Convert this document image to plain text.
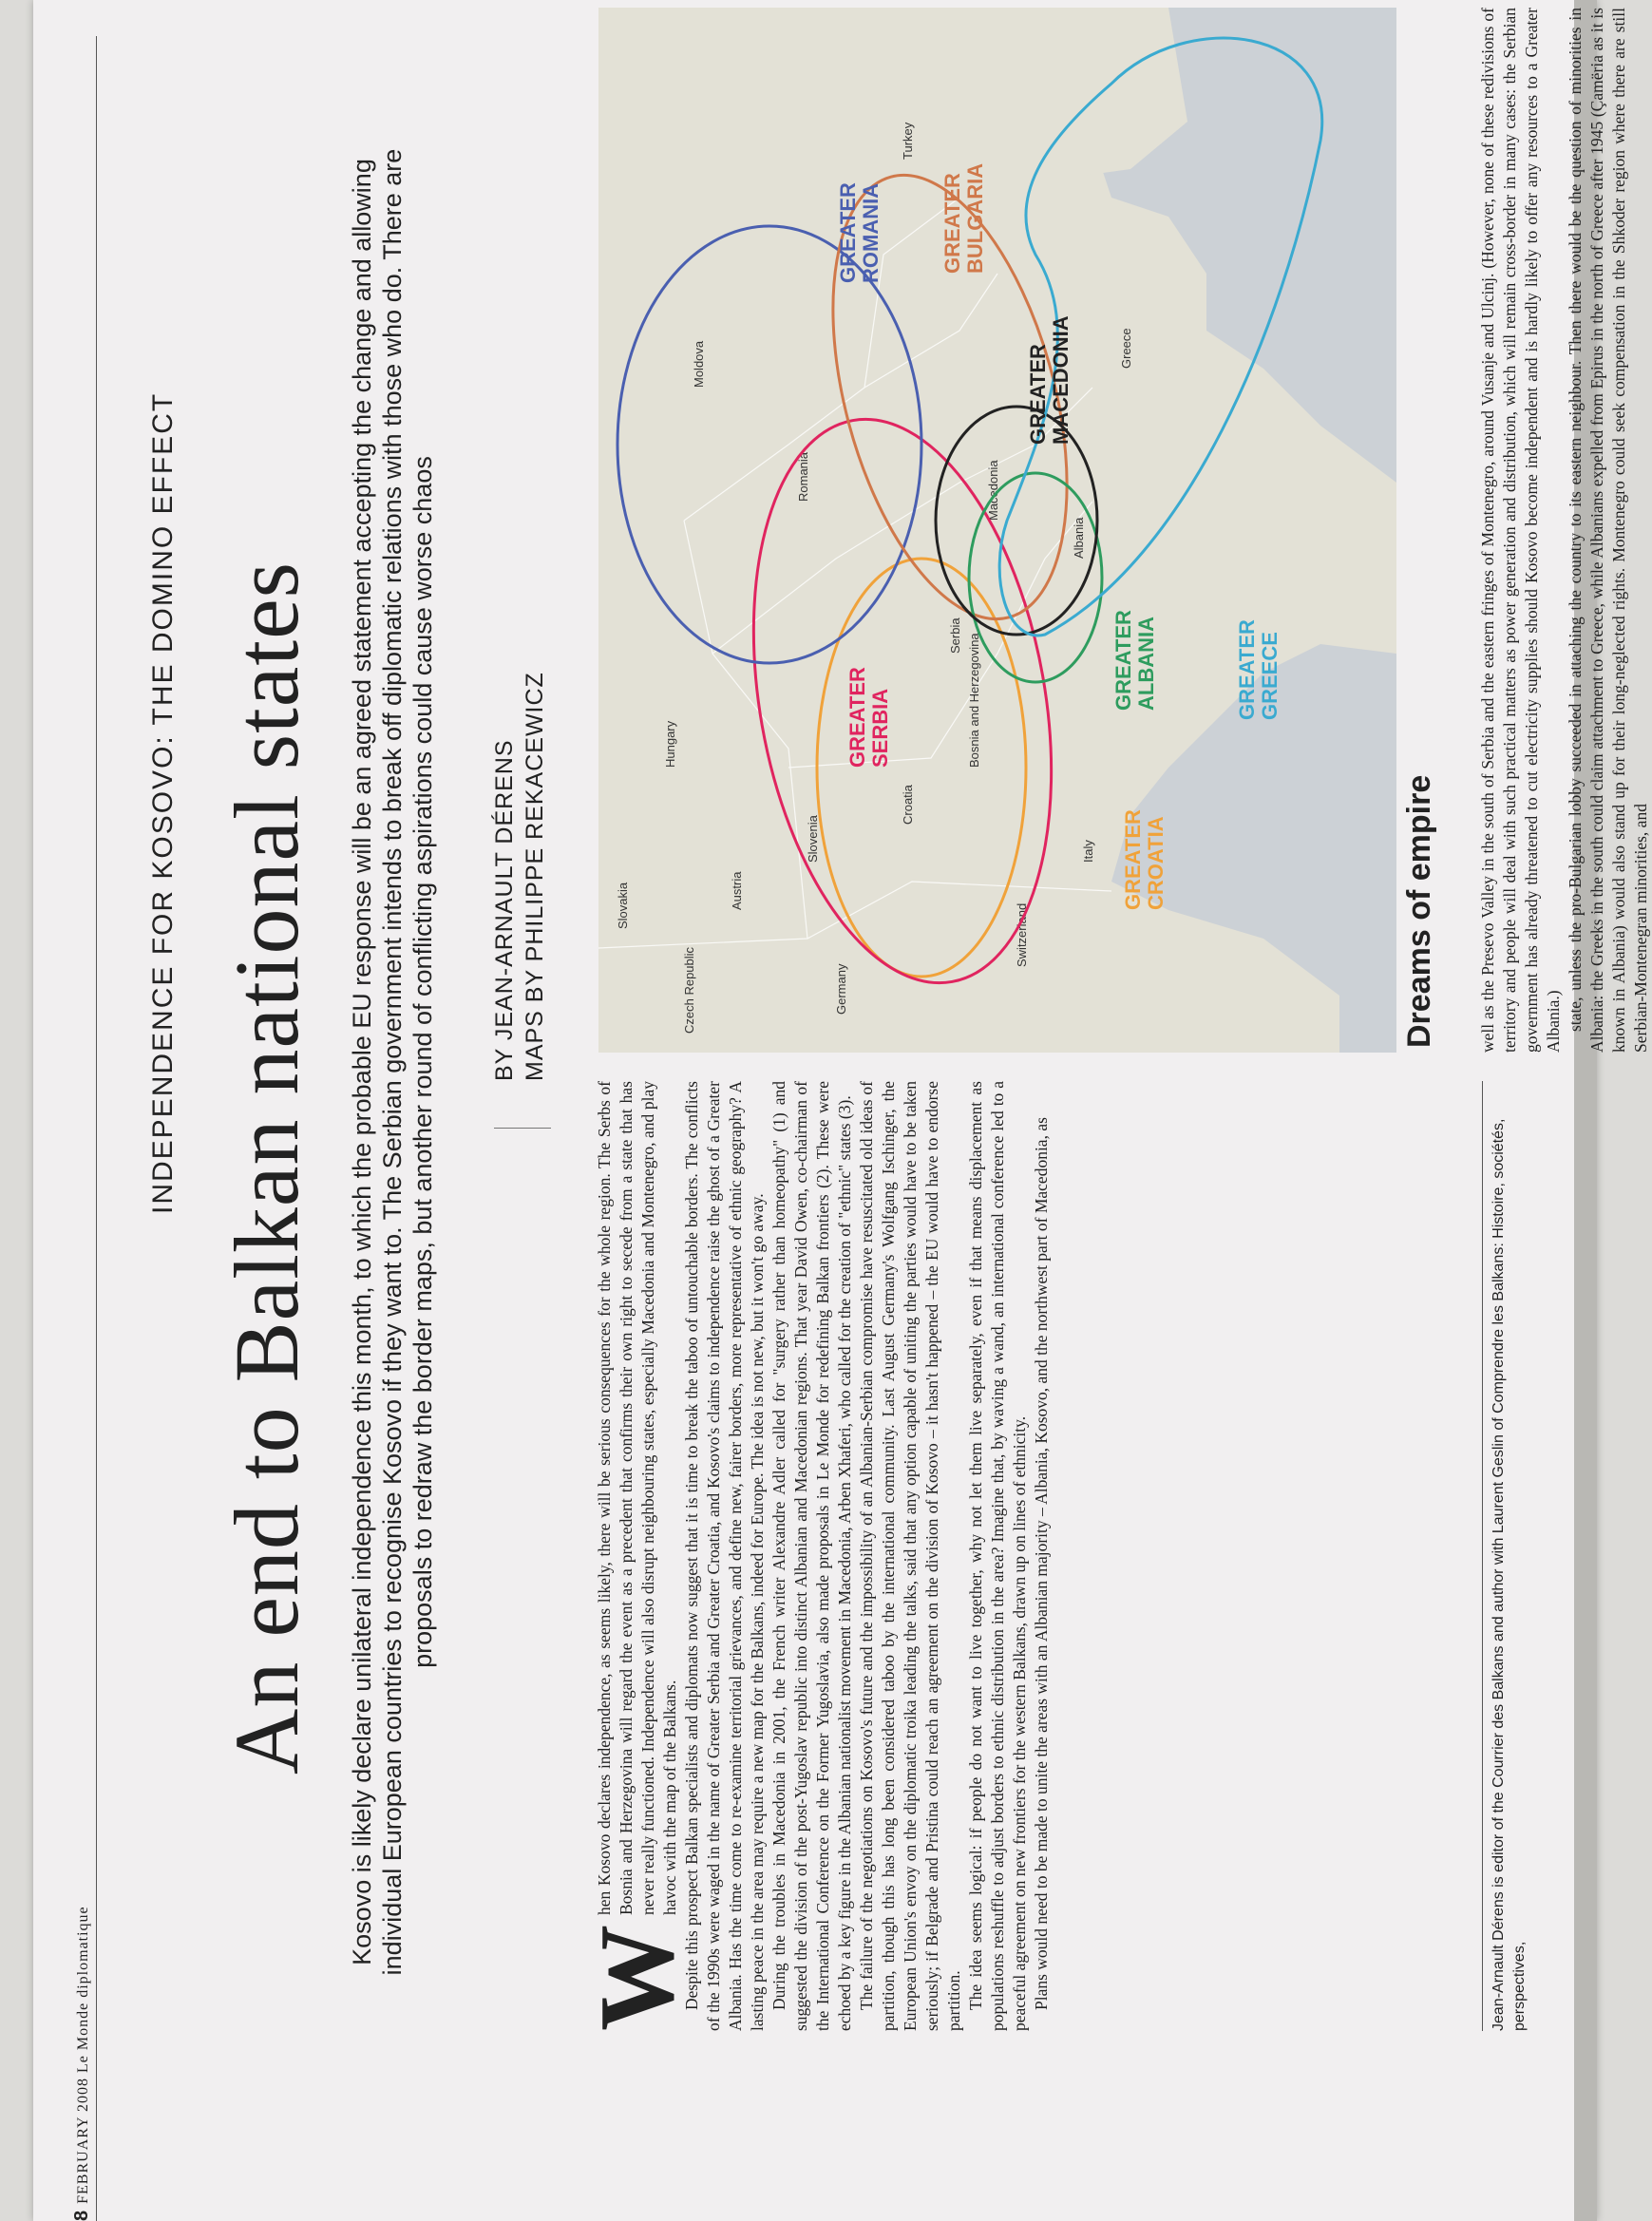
8FEBRUARY 2008 Le Monde diplomatique
INDEPENDENCE FOR KOSOVO: THE DOMINO EFFECT An end to Balkan national states Kosovo is likely declare unilateral independence this month, to which the probable EU response will be an agreed statement accepting the change and allowing individual European countries to recognise Kosovo if they want to. The Serbian government intends to break off diplomatic relations with those who do. There are proposals to redraw the border maps, but another round of conflicting aspirations could cause worse chaos BY JEAN-ARNAULT DÉRENS MAPS BY PHILIPPE REKACEWICZ

W
hen Kosovo declares independence, as seems likely, there will be serious consequences for the whole region. The Serbs of Bosnia and Herzegovina will regard the event as a precedent that confirms their own right to secede from a state that has never really functioned. Independence will also disrupt neighbouring states, especially Macedonia and Montenegro, and play havoc with the map of the Balkans. Despite this prospect Balkan specialists and diplomats now suggest that it is time to break the taboo of untouchable borders. The conflicts of the 1990s were waged in the name of Greater Serbia and Greater Croatia, and Kosovo's claims to independence raise the ghost of a Greater Albania. Has the time come to re-examine territorial grievances, and define new, fairer borders, more representative of ethnic geography? A lasting peace in the area may require a new map for the Balkans, indeed for Europe. The idea is not new, but it won't go away. During the troubles in Macedonia in 2001, the French writer Alexandre Adler called for "surgery rather than homeopathy" (1) and suggested the division of the post-Yugoslav republic into distinct Albanian and Macedonian regions. That year David Owen, co-chairman of the International Conference on the Former Yugoslavia, also made proposals in Le Monde for redefining Balkan frontiers (2). These were echoed by a key figure in the Albanian nationalist movement in Macedonia, Arben Xhaferi, who called for the creation of "ethnic" states (3). The failure of the negotiations on Kosovo's future and the impossibility of an Albanian-Serbian compromise have resuscitated old ideas of partition, though this has long been considered taboo by the international community. Last August Germany's Wolfgang Ischinger, the European Union's envoy on the diplomatic troika leading the talks, said that any option capable of uniting the parties would have to be taken seriously; if Belgrade and Pristina could reach an agreement on the division of Kosovo – it hasn't happened – the EU would have to endorse partition. The idea seems logical: if people do not want to live together, why not let them live separately, even if that means displacement as populations reshuffle to adjust borders to ethnic distribution in the area? Imagine that, by waving a wand, an international conference led to a peaceful agreement on new frontiers for the western Balkans, drawn up on lines of ethnicity. Plans would need to be made to unite the areas with an Albanian majority – Albania, Kosovo, and the northwest part of Macedonia, as	Jean-Arnault Dérens is editor of the Courrier des Balkans and author with Laurent Geslin of Comprendre les Balkans: Histoire, sociétés, perspectives,
Switzerland
Germany
Czech Republic
Austria
Slovakia
Hungary
Slovenia
Croatia
Bosnia and Herzegovina
Serbia
Romania
Moldova
Italy
Macedonia
Albania
Greece
Turkey
GREATERCROATIA
GREATERSERBIA
GREATERROMANIA	GREATERBULGARIA
GREATERALBANIA
GREATERMACEDONIA
GREATERGREECE
Dreams of empire well as the Presevo Valley in the south of Serbia and the eastern fringes of Montenegro, around Vusanje and Ulcinj. (However, none of these redivisions of territory and people will deal with such practical matters as power generation and distribution, which will remain cross-border in many cases: the Serbian government has already threatened to cut electricity supplies should Kosovo become independent and is hardly likely to offer any resources to a Greater Albania.) state, unless the pro-Bulgarian lobby succeeded in attaching the country to its eastern neighbour. Then there would be the question of minorities in Albania: the Greeks in the south could claim attachment to Greece, while Albanians expelled from Epirus in the north of Greece after 1945 (Çamëria as it is known in Albania) would also stand up for their long-neglected rights. Montenegro could seek compensation in the Shkoder region where there are still Serbian-Montenegran minorities, and
